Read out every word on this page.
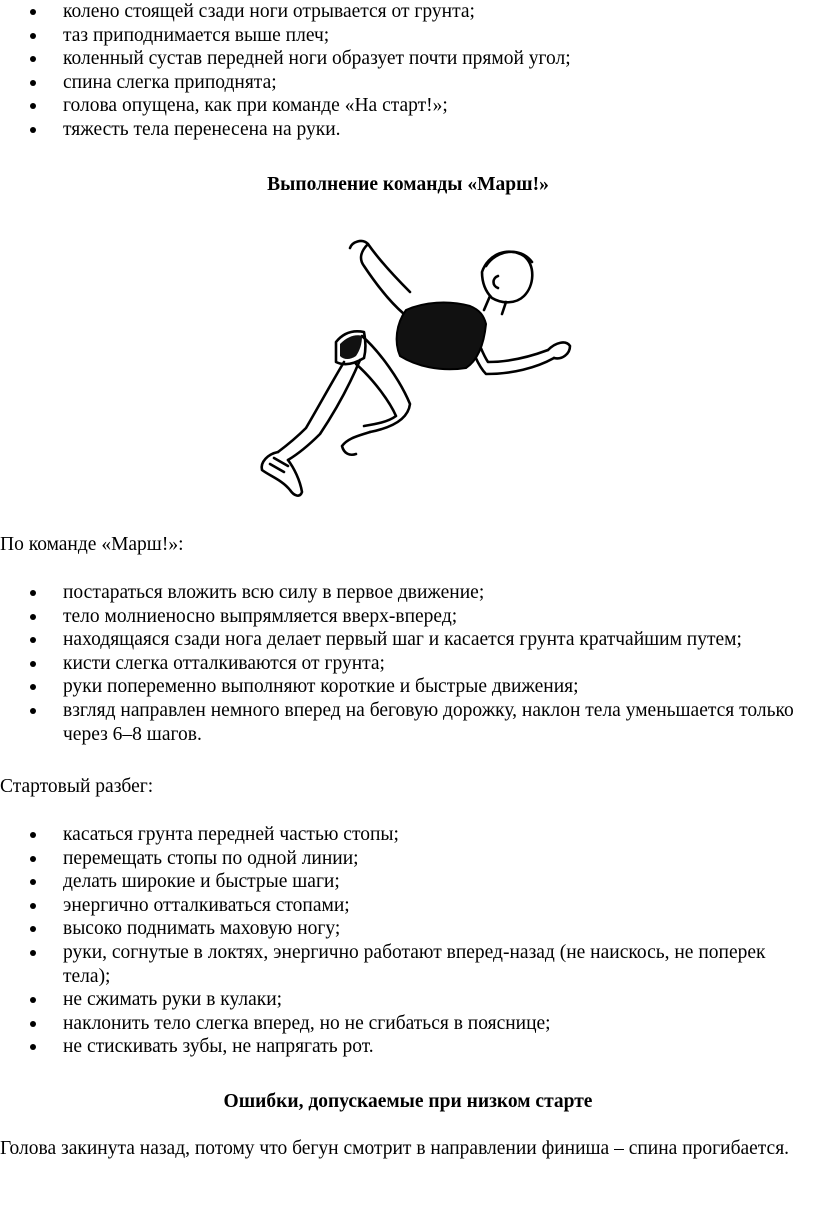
колено стоящей сзади ноги отрывается от грунта;
таз приподнимается выше плеч;
коленный сустав передней ноги образует почти прямой угол;
спина слегка приподнята;
голова опущена, как при команде «На старт!»;
тяжесть тела перенесена на руки.
Выполнение команды «Марш!»
По команде «Марш!»:
постараться вложить всю силу в первое движение;
тело молниеносно выпрямляется вверх-вперед;
находящаяся сзади нога делает первый шаг и касается грунта кратчайшим путем;
кисти слегка отталкиваются от грунта;
руки попеременно выполняют короткие и быстрые движения;
взгляд направлен немного вперед на беговую дорожку, наклон тела уменьшается только через 6–8 шагов.
Стартовый разбег:
касаться грунта передней частью стопы;
перемещать стопы по одной линии;
делать широкие и быстрые шаги;
энергично отталкиваться стопами;
высоко поднимать маховую ногу;
руки, согнутые в локтях, энергично работают вперед-назад (не наискось, не поперек тела);
не сжимать руки в кулаки;
наклонить тело слегка вперед, но не сгибаться в пояснице;
не стискивать зубы, не напрягать рот.
Ошибки, допускаемые при низком старте
Голова закинута назад, потому что бегун смотрит в направлении финиша – спина прогибается.
